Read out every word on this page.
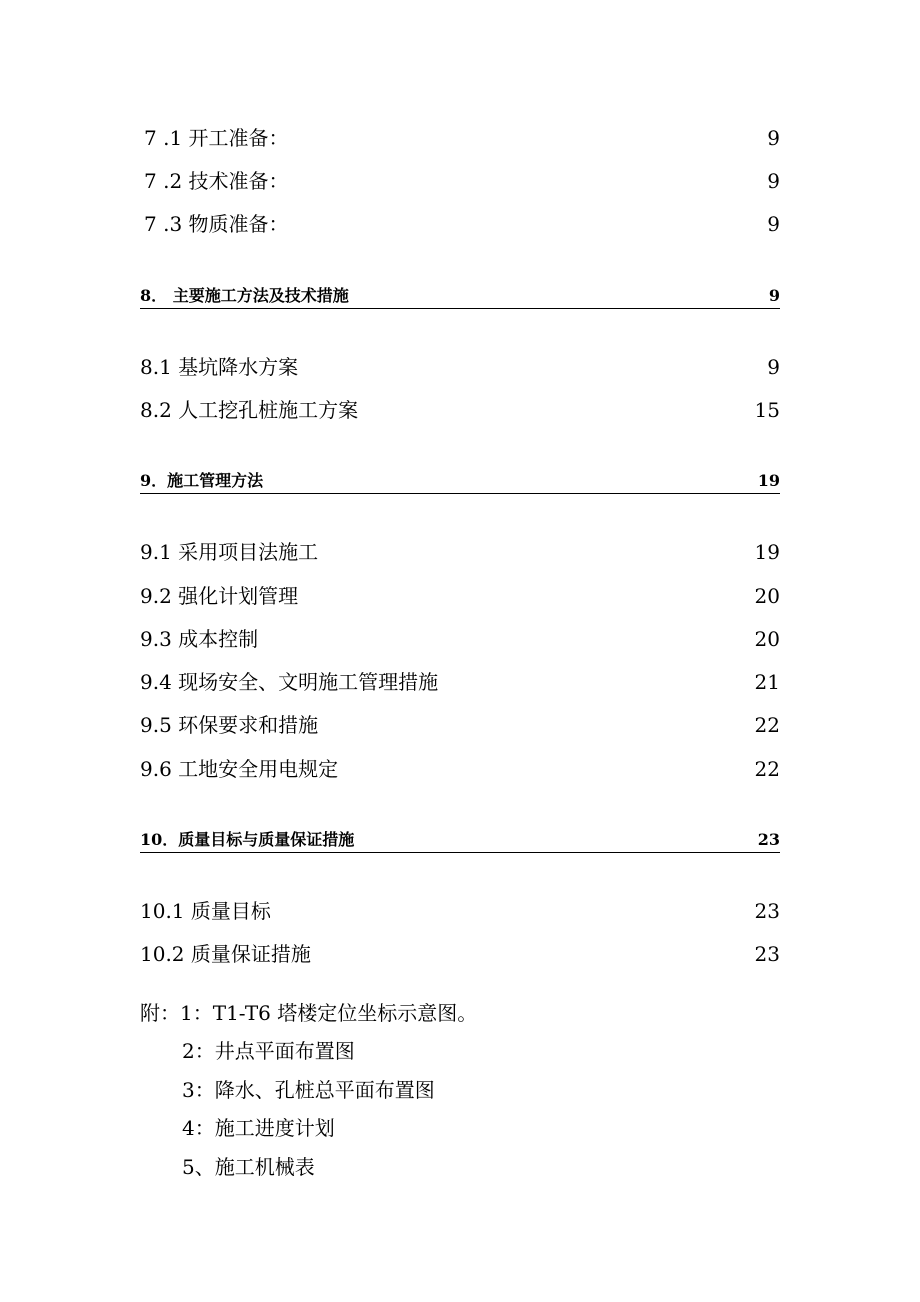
7 .1 开工准备：	9
7 .2 技术准备：	9
7 .3 物质准备：	9
8． 主要施工方法及技术措施	9
8.1 基坑降水方案	9
8.2 人工挖孔桩施工方案	15
9．施工管理方法	19
9.1 采用项目法施工	19
9.2 强化计划管理	20
9.3 成本控制	20
9.4 现场安全、文明施工管理措施	21
9.5 环保要求和措施	22
9.6 工地安全用电规定	22
10．质量目标与质量保证措施	23
10.1 质量目标	23
10.2 质量保证措施	23
附：1：T1-T6 塔楼定位坐标示意图。
2：井点平面布置图
3：降水、孔桩总平面布置图
4：施工进度计划
5、施工机械表
